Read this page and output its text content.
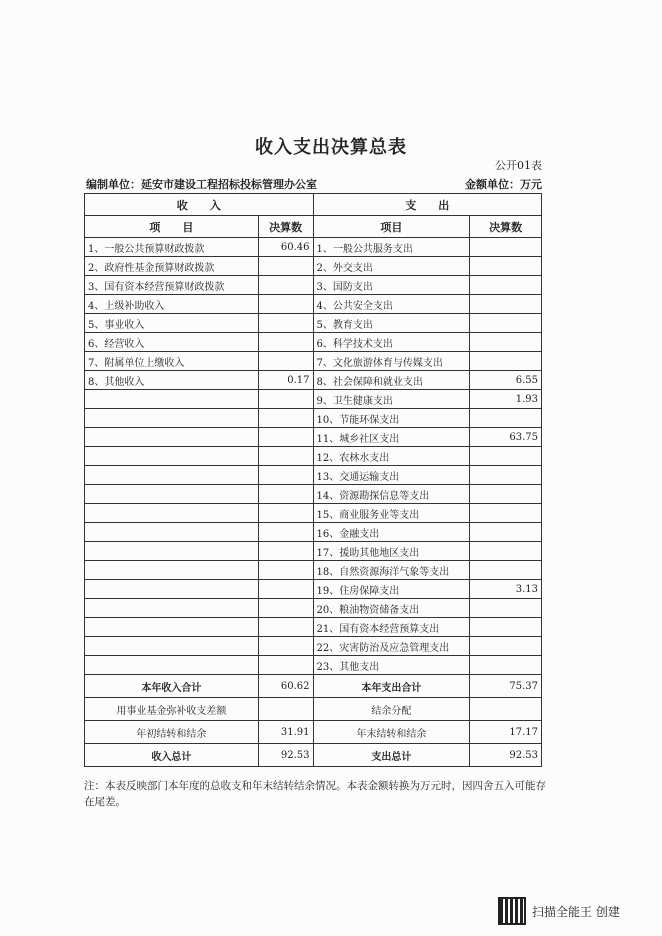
收入支出决算总表
公开01表
编制单位：延安市建设工程招标投标管理办公室	金额单位：万元
收　　入		支　　出	
项　　目	决算数	项目	决算数
1、一般公共预算财政拨款	60.46	1、一般公共服务支出	
2、政府性基金预算财政拨款		2、外交支出	
3、国有资本经营预算财政拨款		3、国防支出	
4、上级补助收入		4、公共安全支出	
5、事业收入		5、教育支出	
6、经营收入		6、科学技术支出	
7、附属单位上缴收入		7、文化旅游体育与传媒支出	
8、其他收入	0.17	8、社会保障和就业支出	6.55
		9、卫生健康支出	1.93
		10、节能环保支出	
		11、城乡社区支出	63.75
		12、农林水支出	
		13、交通运输支出	
		14、资源勘探信息等支出	
		15、商业服务业等支出	
		16、金融支出	
		17、援助其他地区支出	
		18、自然资源海洋气象等支出	
		19、住房保障支出	3.13
		20、粮油物资储备支出	
		21、国有资本经营预算支出	
		22、灾害防治及应急管理支出	
		23、其他支出	
本年收入合计	60.62	本年支出合计	75.37
用事业基金弥补收支差额		结余分配	
年初结转和结余	31.91	年末结转和结余	17.17
收入总计	92.53	支出总计	92.53
注：本表反映部门本年度的总收支和年末结转结余情况。本表金额转换为万元时，因四舍五入可能存在尾差。
扫描全能王 创建
